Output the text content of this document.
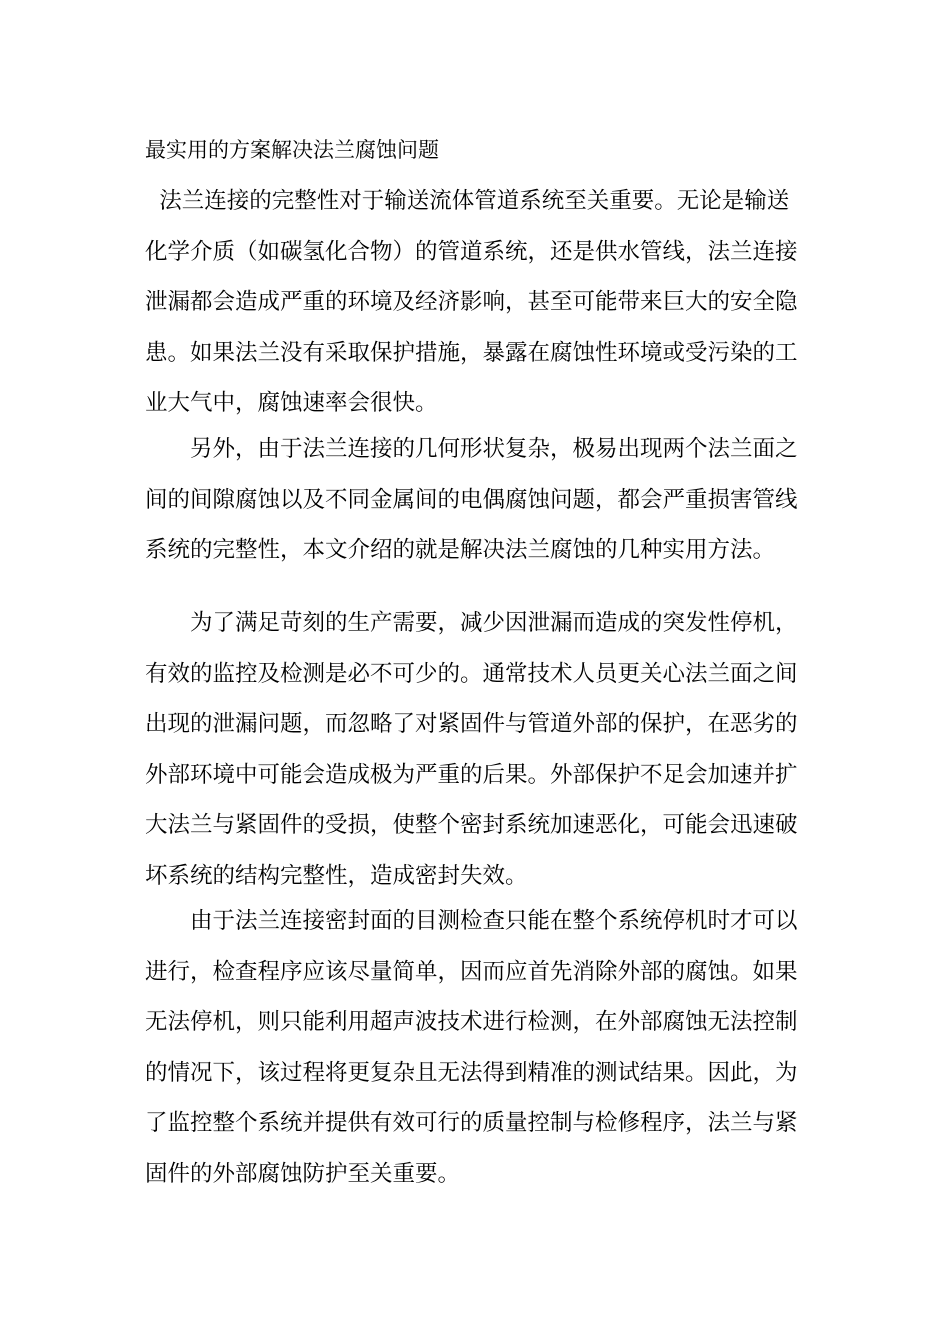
最实用的方案解决法兰腐蚀问题
法兰连接的完整性对于输送流体管道系统至关重要。无论是输送
化学介质（如碳氢化合物）的管道系统，还是供水管线，法兰连接
泄漏都会造成严重的环境及经济影响，甚至可能带来巨大的安全隐
患。如果法兰没有采取保护措施，暴露在腐蚀性环境或受污染的工
业大气中，腐蚀速率会很快。
　　另外，由于法兰连接的几何形状复杂，极易出现两个法兰面之
间的间隙腐蚀以及不同金属间的电偶腐蚀问题，都会严重损害管线
系统的完整性，本文介绍的就是解决法兰腐蚀的几种实用方法。
　　为了满足苛刻的生产需要，减少因泄漏而造成的突发性停机，
有效的监控及检测是必不可少的。通常技术人员更关心法兰面之间
出现的泄漏问题，而忽略了对紧固件与管道外部的保护，在恶劣的
外部环境中可能会造成极为严重的后果。外部保护不足会加速并扩
大法兰与紧固件的受损，使整个密封系统加速恶化，可能会迅速破
坏系统的结构完整性，造成密封失效。
　　由于法兰连接密封面的目测检查只能在整个系统停机时才可以
进行，检查程序应该尽量简单，因而应首先消除外部的腐蚀。如果
无法停机，则只能利用超声波技术进行检测，在外部腐蚀无法控制
的情况下，该过程将更复杂且无法得到精准的测试结果。因此，为
了监控整个系统并提供有效可行的质量控制与检修程序，法兰与紧
固件的外部腐蚀防护至关重要。
